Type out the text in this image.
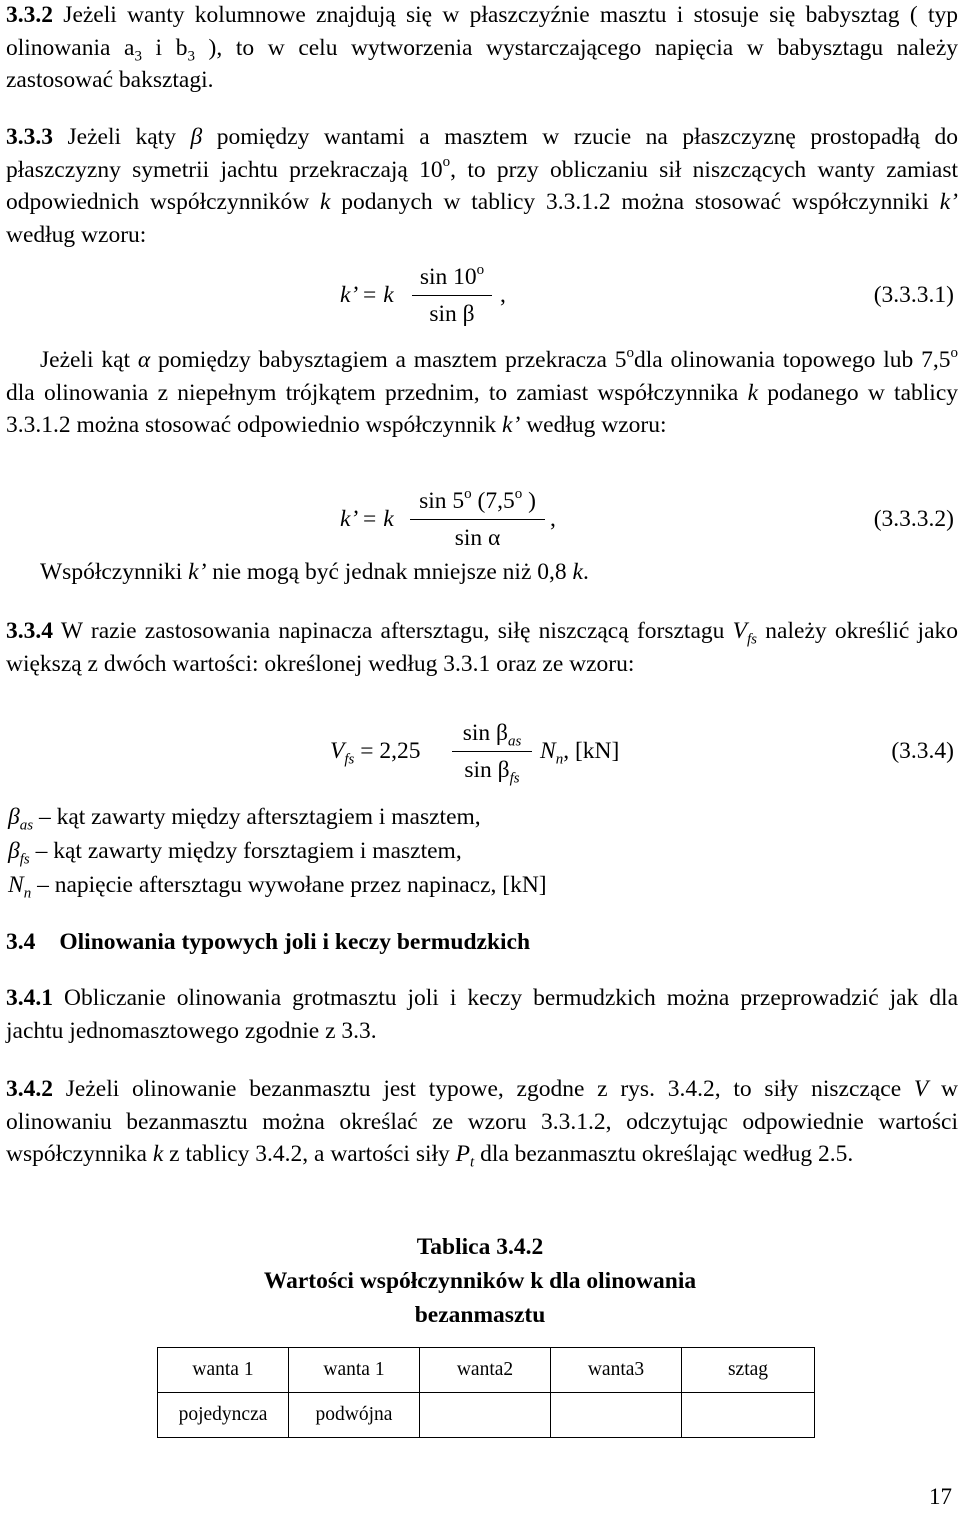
3.3.2 Jeżeli wanty kolumnowe znajdują się w płaszczyźnie masztu i stosuje się babysztag ( typ olinowania $a_3$ i $b_3$ ), to w celu wytworzenia wystarczającego napięcia w babysztagu należy zastosować baksztagi.

3.3.3 Jeżeli kąty β pomiędzy wantami a masztem w rzucie na płaszczyznę prostopadłą do płaszczyzny symetrii jachtu przekraczają 10$^o$, to przy obliczaniu sił niszczących wanty zamiast odpowiednich współczynników k podanych w tablicy 3.3.1.2 można stosować współczynniki k’ według wzoru:

k’ = k
sin 10$^o$
sin β
,	(3.3.3.1)

Jeżeli kąt α pomiędzy babysztagiem a masztem przekracza 5$^o$dla olinowania topowego lub 7,5$^o$ dla olinowania z niepełnym trójkątem przednim, to zamiast współczynnika k podanego w tablicy 3.3.1.2 można stosować odpowiednio współczynnik k’ według wzoru:

k’ = k
sin 5$^o$ (7,5$^o$ )
sin α
,	(3.3.3.2)

Współczynniki k’ nie mogą być jednak mniejsze niż 0,8 k.

3.3.4 W razie zastosowania napinacza aftersztagu, siłę niszczącą forsztagu $V_{fs}$ należy określić jako większą z dwóch wartości: określonej według 3.3.1 oraz ze wzoru:

$V_{fs} = 2,25$
$\sin \beta_{as}$
$\sin \beta_{fs}$
$N_n$, [kN]	(3.3.4)
$\beta_{as}$ – kąt zawarty między aftersztagiem i masztem,
$\beta_{fs}$ – kąt zawarty między forsztagiem i masztem,
$N_n$ – napięcie aftersztagu wywołane przez napinacz, [kN]
3.4 Olinowania typowych joli i keczy bermudzkich

3.4.1 Obliczanie olinowania grotmasztu joli i keczy bermudzkich można przeprowadzić jak dla jachtu jednomasztowego zgodnie z 3.3.

3.4.2 Jeżeli olinowanie bezanmasztu jest typowe, zgodne z rys. 3.4.2, to siły niszczące V w olinowaniu bezanmasztu można określać ze wzoru 3.3.1.2, odczytując odpowiednie wartości współczynnika k z tablicy 3.4.2, a wartości siły $P_t$ dla bezanmasztu określając według 2.5.

Tablica 3.4.2
Wartości współczynników k dla olinowania
bezanmasztu
wanta 1	wanta 1	wanta2	wanta3	sztag

pojedyncza	podwójna			

17
